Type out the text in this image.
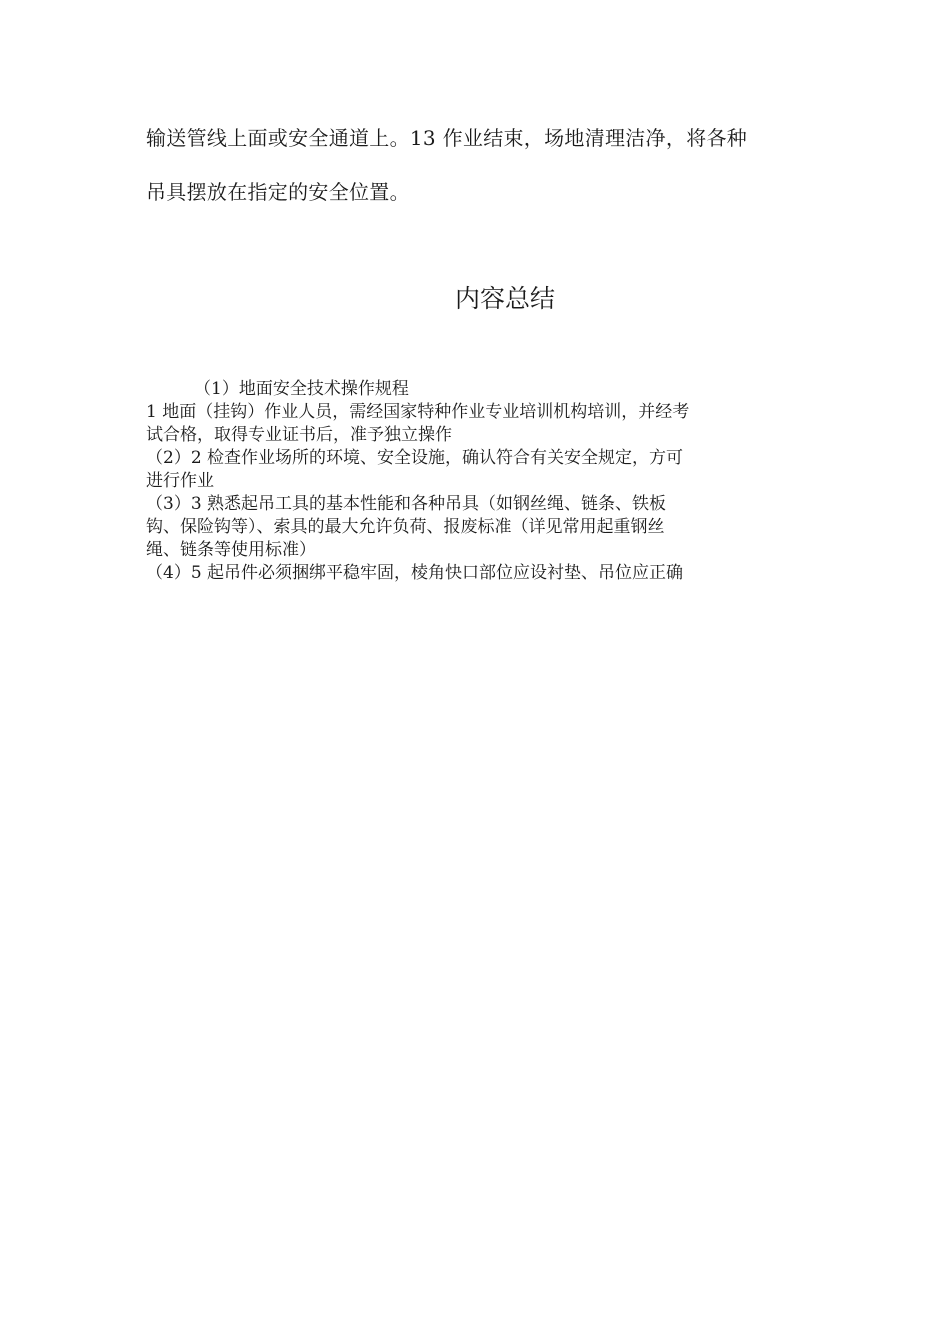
输送管线上面或安全通道上。13 作业结束，场地清理洁净，将各种
吊具摆放在指定的安全位置。
内容总结
（1）地面安全技术操作规程
1 地面（挂钩）作业人员，需经国家特种作业专业培训机构培训，并经考
试合格，取得专业证书后，准予独立操作
（2）2 检查作业场所的环境、安全设施，确认符合有关安全规定，方可
进行作业
（3）3 熟悉起吊工具的基本性能和各种吊具（如钢丝绳、链条、铁板
钩、保险钩等）、索具的最大允许负荷、报废标准（详见常用起重钢丝
绳、链条等使用标准）
（4）5 起吊件必须捆绑平稳牢固，棱角快口部位应设衬垫、吊位应正确
